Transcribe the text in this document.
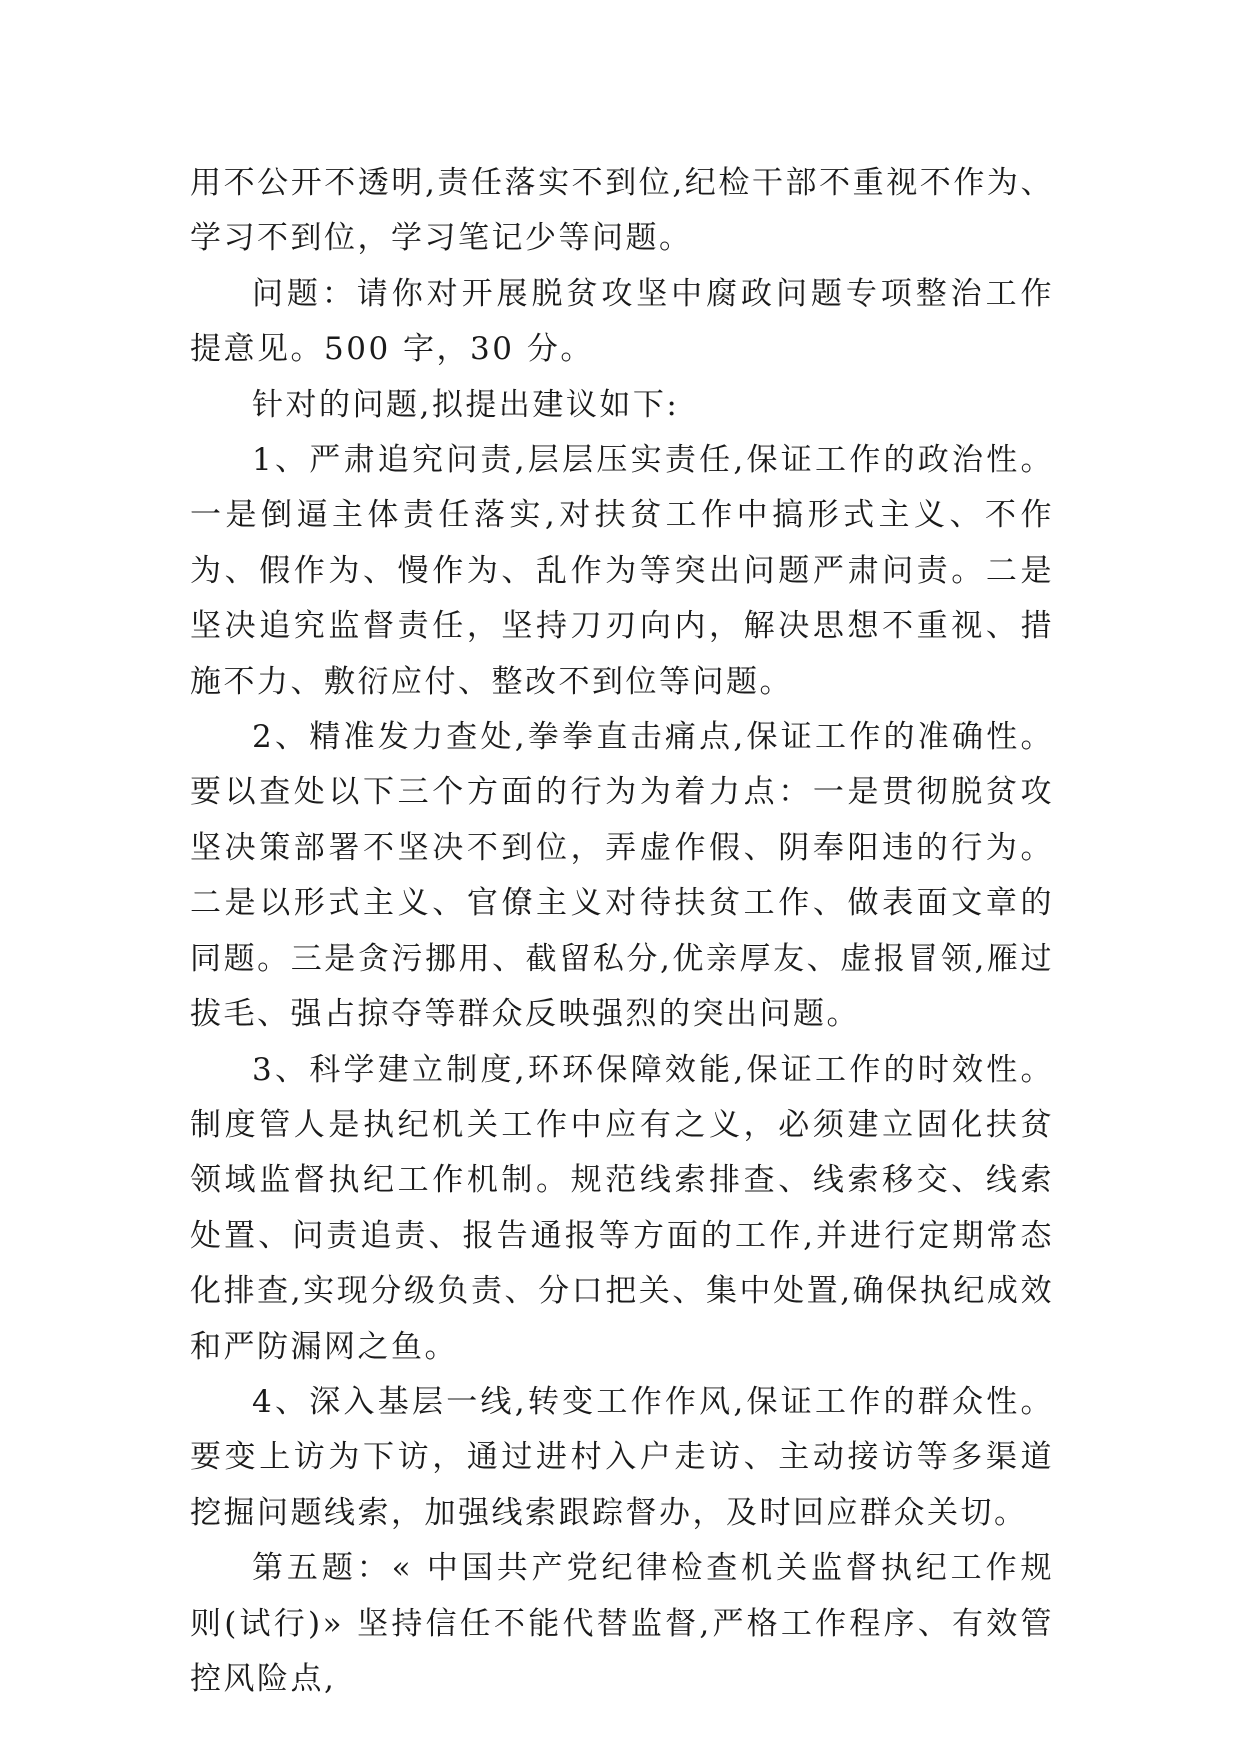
用不公开不透明,责任落实不到位,纪检干部不重视不作为、学习不到位，学习笔记少等问题。

问题：请你对开展脱贫攻坚中腐政问题专项整治工作提意见。500 字，30 分。

针对的问题,拟提出建议如下:

1、严肃追究问责,层层压实责任,保证工作的政治性。一是倒逼主体责任落实,对扶贫工作中搞形式主义、不作为、假作为、慢作为、乱作为等突出问题严肃问责。二是坚决追究监督责任，坚持刀刃向内，解决思想不重视、措施不力、敷衍应付、整改不到位等问题。

2、精准发力查处,拳拳直击痛点,保证工作的准确性。要以查处以下三个方面的行为为着力点：一是贯彻脱贫攻坚决策部署不坚决不到位，弄虚作假、阴奉阳违的行为。二是以形式主义、官僚主义对待扶贫工作、做表面文章的同题。三是贪污挪用、截留私分,优亲厚友、虚报冒领,雁过拔毛、强占掠夺等群众反映强烈的突出问题。

3、科学建立制度,环环保障效能,保证工作的时效性。制度管人是执纪机关工作中应有之义，必须建立固化扶贫领域监督执纪工作机制。规范线索排查、线索移交、线索处置、问责追责、报告通报等方面的工作,并进行定期常态化排查,实现分级负责、分口把关、集中处置,确保执纪成效和严防漏网之鱼。

4、深入基层一线,转变工作作风,保证工作的群众性。要变上访为下访，通过进村入户走访、主动接访等多渠道挖掘问题线索，加强线索跟踪督办，及时回应群众关切。

第五题：« 中国共产党纪律检查机关监督执纪工作规则(试行)» 坚持信任不能代替监督,严格工作程序、有效管控风险点,
